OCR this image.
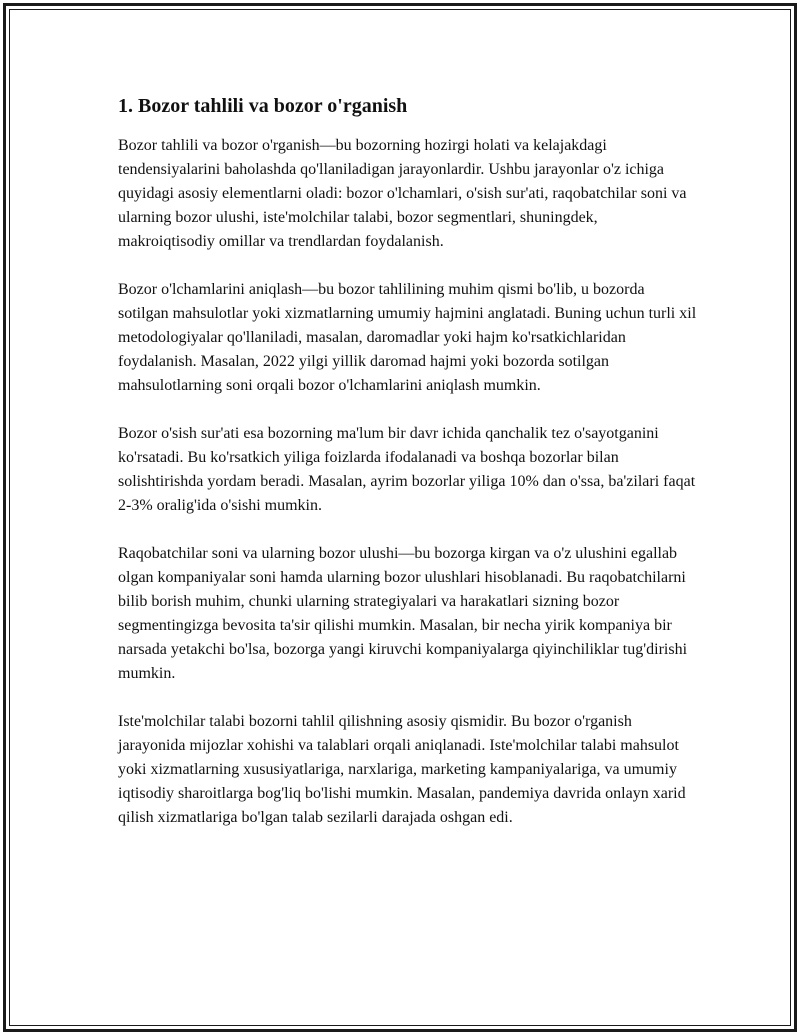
1. Bozor tahlili va bozor o'rganish

Bozor tahlili va bozor o'rganish—bu bozorning hozirgi holati va kelajakdagi tendensiyalarini baholashda qo'llaniladigan jarayonlardir. Ushbu jarayonlar o'z ichiga quyidagi asosiy elementlarni oladi: bozor o'lchamlari, o'sish sur'ati, raqobatchilar soni va ularning bozor ulushi, iste'molchilar talabi, bozor segmentlari, shuningdek, makroiqtisodiy omillar va trendlardan foydalanish.

Bozor o'lchamlarini aniqlash—bu bozor tahlilining muhim qismi bo'lib, u bozorda sotilgan mahsulotlar yoki xizmatlarning umumiy hajmini anglatadi. Buning uchun turli xil metodologiyalar qo'llaniladi, masalan, daromadlar yoki hajm ko'rsatkichlaridan foydalanish. Masalan, 2022 yilgi yillik daromad hajmi yoki bozorda sotilgan mahsulotlarning soni orqali bozor o'lchamlarini aniqlash mumkin.

Bozor o'sish sur'ati esa bozorning ma'lum bir davr ichida qanchalik tez o'sayotganini ko'rsatadi. Bu ko'rsatkich yiliga foizlarda ifodalanadi va boshqa bozorlar bilan solishtirishda yordam beradi. Masalan, ayrim bozorlar yiliga 10% dan o'ssa, ba'zilari faqat 2-3% oralig'ida o'sishi mumkin.

Raqobatchilar soni va ularning bozor ulushi—bu bozorga kirgan va o'z ulushini egallab olgan kompaniyalar soni hamda ularning bozor ulushlari hisoblanadi. Bu raqobatchilarni bilib borish muhim, chunki ularning strategiyalari va harakatlari sizning bozor segmentingizga bevosita ta'sir qilishi mumkin. Masalan, bir necha yirik kompaniya bir narsada yetakchi bo'lsa, bozorga yangi kiruvchi kompaniyalarga qiyinchiliklar tug'dirishi mumkin.

Iste'molchilar talabi bozorni tahlil qilishning asosiy qismidir. Bu bozor o'rganish jarayonida mijozlar xohishi va talablari orqali aniqlanadi. Iste'molchilar talabi mahsulot yoki xizmatlarning xususiyatlariga, narxlariga, marketing kampaniyalariga, va umumiy iqtisodiy sharoitlarga bog'liq bo'lishi mumkin. Masalan, pandemiya davrida onlayn xarid qilish xizmatlariga bo'lgan talab sezilarli darajada oshgan edi.
